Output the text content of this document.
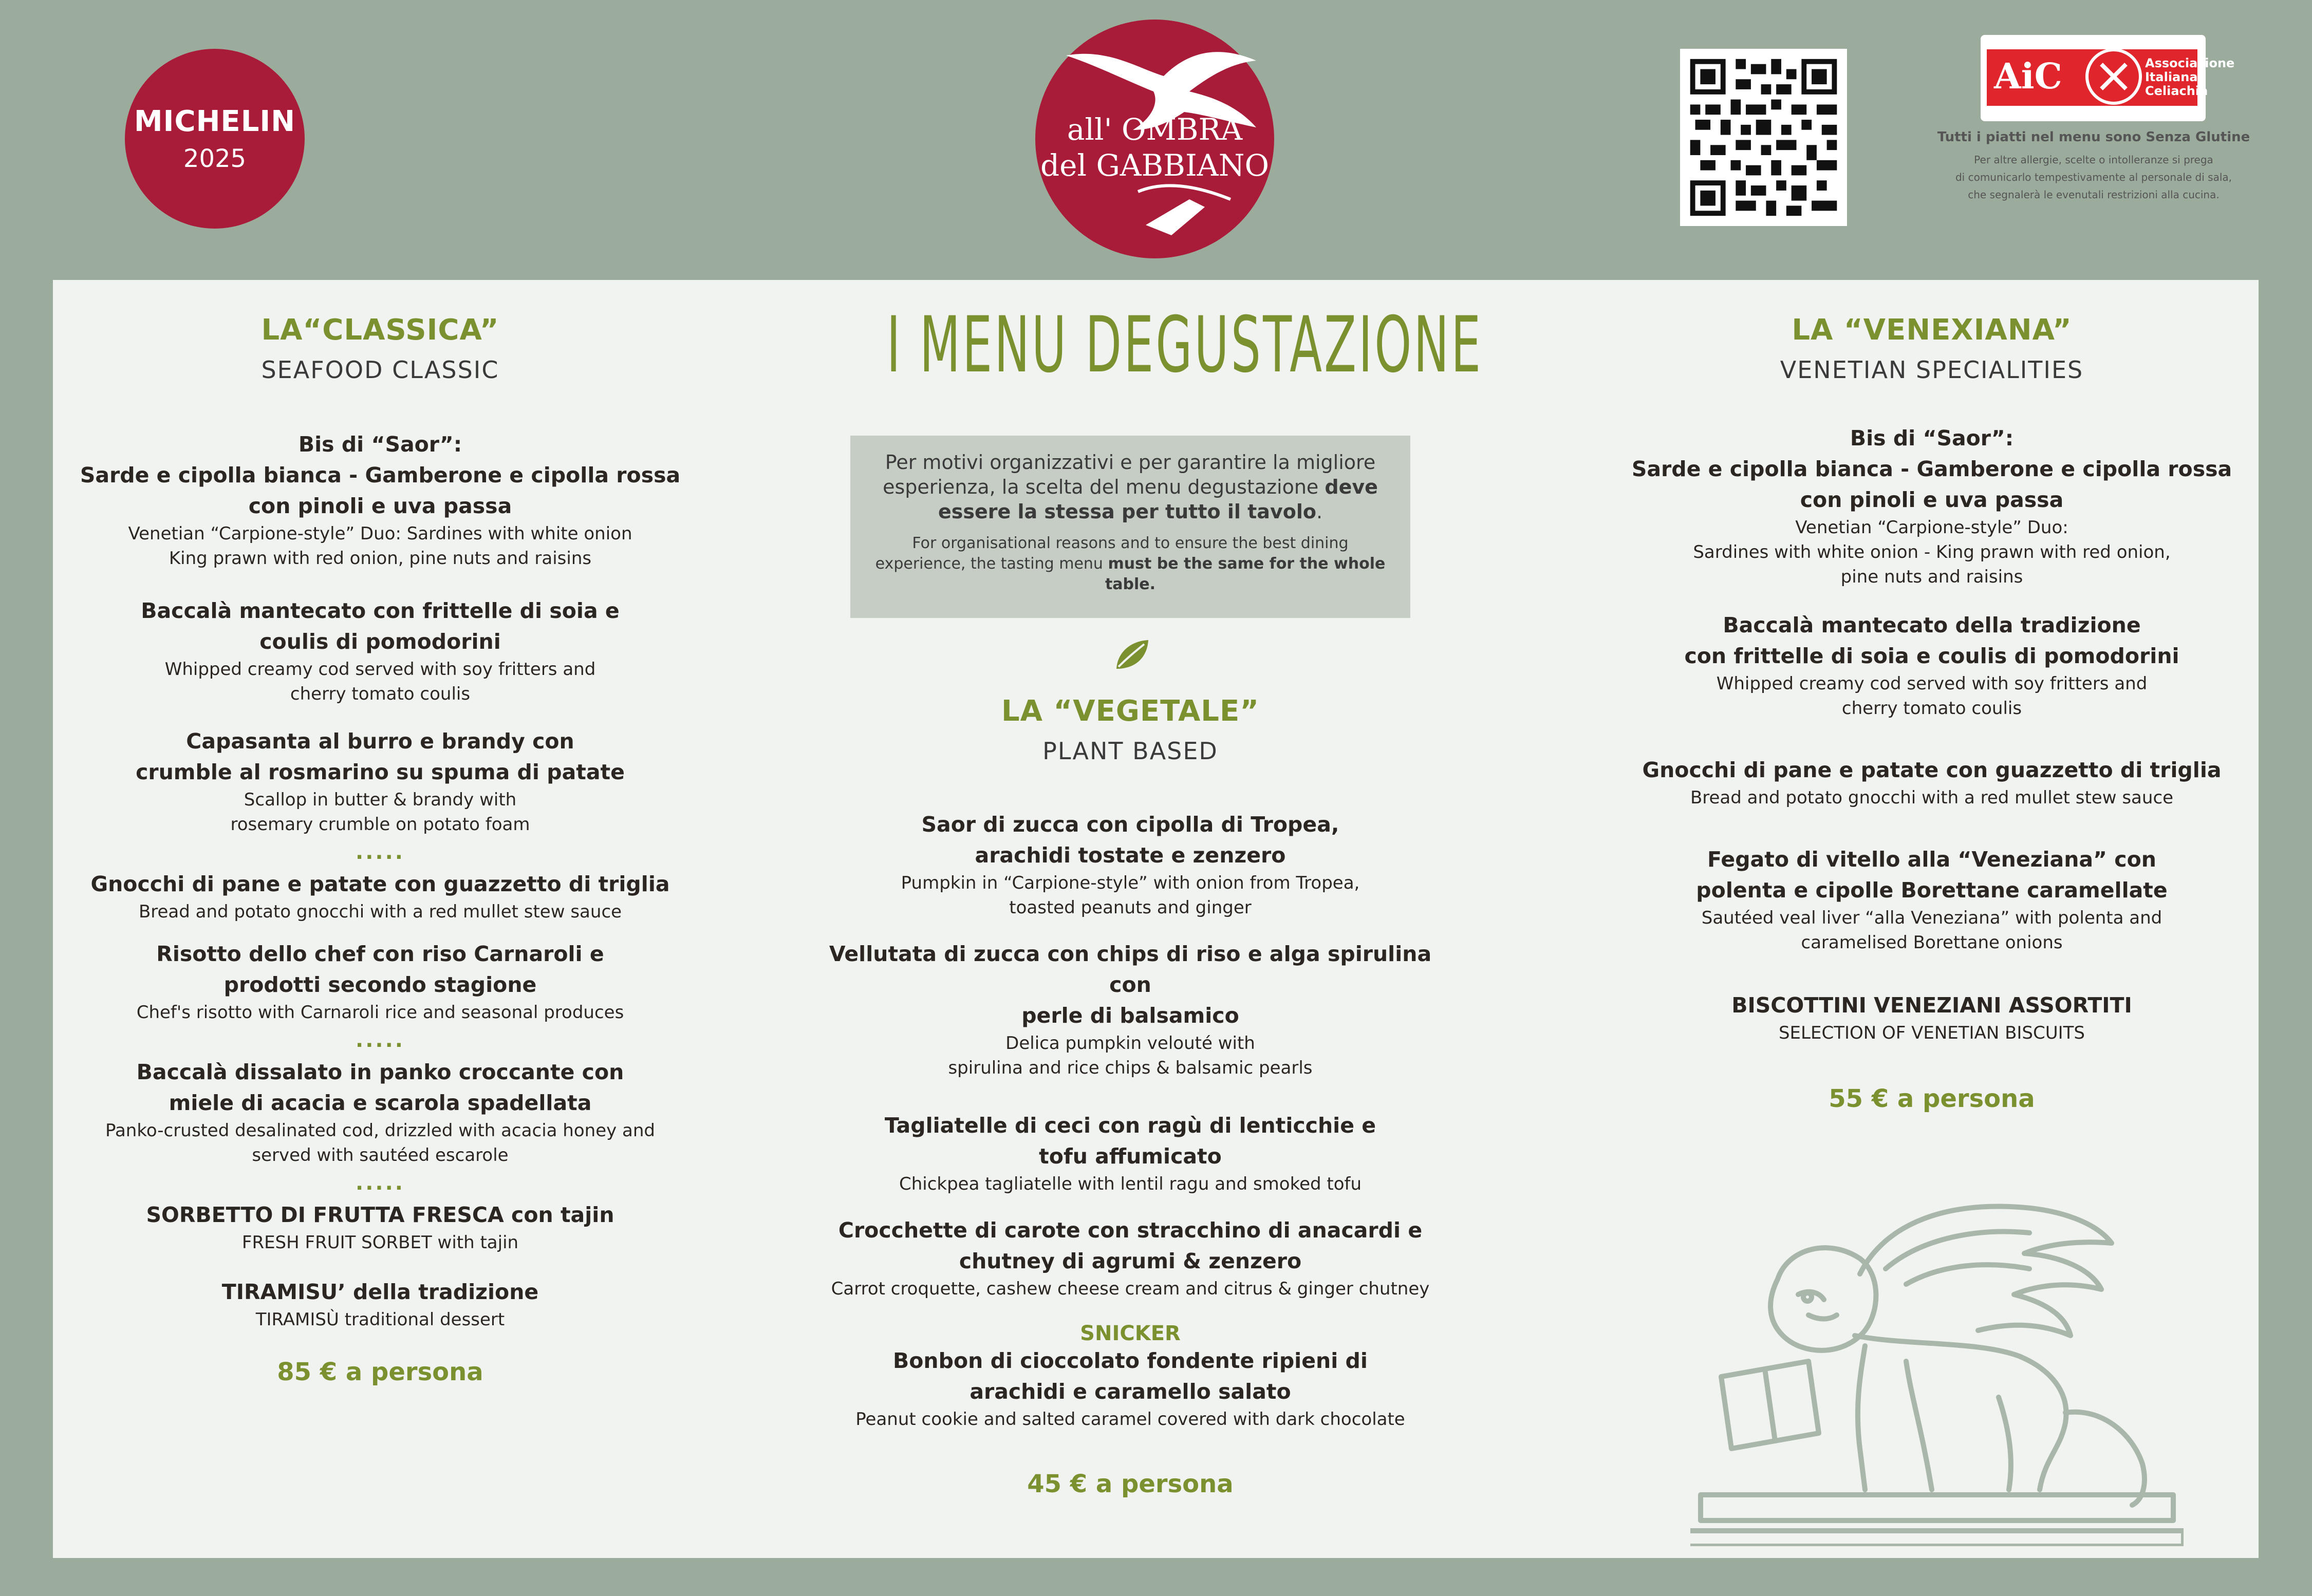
MICHELIN
2025
all' OMBRA
del GABBIANO
AiC	Associazione
Italiana
Celiachia
Tutti i piatti nel menu sono Senza Glutine
Per altre allergie, scelte o intolleranze si prega
di comunicarlo tempestivamente al personale di sala,
che segnalerà le evenutali restrizioni alla cucina.
I MENU DEGUSTAZIONE
Per motivi organizzativi e per garantire la migliore esperienza, la scelta del menu degustazione deve essere la stessa per tutto il tavolo.
For organisational reasons and to ensure the best dining experience, the tasting menu must be the same for the whole table.
LA“CLASSICA”
SEAFOOD CLASSIC
Bis di “Saor”:
Sarde e cipolla bianca - Gamberone e cipolla rossa
con pinoli e uva passa
Venetian “Carpione-style” Duo: Sardines with white onion
King prawn with red onion, pine nuts and raisins
Baccalà mantecato con frittelle di soia e
coulis di pomodorini
Whipped creamy cod served with soy fritters and
cherry tomato coulis
Capasanta al burro e brandy con
crumble al rosmarino su spuma di patate
Scallop in butter & brandy with
rosemary crumble on potato foam
.....
Gnocchi di pane e patate con guazzetto di triglia
Bread and potato gnocchi with a red mullet stew sauce
Risotto dello chef con riso Carnaroli e
prodotti secondo stagione
Chef's risotto with Carnaroli rice and seasonal produces
.....
Baccalà dissalato in panko croccante con
miele di acacia e scarola spadellata
Panko-crusted desalinated cod, drizzled with acacia honey and
served with sautéed escarole
.....
SORBETTO DI FRUTTA FRESCA con tajin
FRESH FRUIT SORBET with tajin
TIRAMISU’ della tradizione
TIRAMISÙ traditional dessert
85 € a persona
LA “VEGETALE”
PLANT BASED
Saor di zucca con cipolla di Tropea,
arachidi tostate e zenzero
Pumpkin in “Carpione-style” with onion from Tropea,
toasted peanuts and ginger
Vellutata di zucca con chips di riso e alga spirulina con
perle di balsamico
Delica pumpkin velouté with
spirulina and rice chips & balsamic pearls
Tagliatelle di ceci con ragù di lenticchie e
tofu affumicato
Chickpea tagliatelle with lentil ragu and smoked tofu
Crocchette di carote con stracchino di anacardi e
chutney di agrumi & zenzero
Carrot croquette, cashew cheese cream and citrus & ginger chutney
SNICKER
Bonbon di cioccolato fondente ripieni di
arachidi e caramello salato
Peanut cookie and salted caramel covered with dark chocolate
45 € a persona
LA “VENEXIANA”
VENETIAN SPECIALITIES
Bis di “Saor”:
Sarde e cipolla bianca - Gamberone e cipolla rossa
con pinoli e uva passa
Venetian “Carpione-style” Duo:
Sardines with white onion - King prawn with red onion,
pine nuts and raisins
Baccalà mantecato della tradizione
con frittelle di soia e coulis di pomodorini
Whipped creamy cod served with soy fritters and
cherry tomato coulis
Gnocchi di pane e patate con guazzetto di triglia
Bread and potato gnocchi with a red mullet stew sauce
Fegato di vitello alla “Veneziana” con
polenta e cipolle Borettane caramellate
Sautéed veal liver “alla Veneziana” with polenta and
caramelised Borettane onions
BISCOTTINI VENEZIANI ASSORTITI
SELECTION OF VENETIAN BISCUITS
55 € a persona
